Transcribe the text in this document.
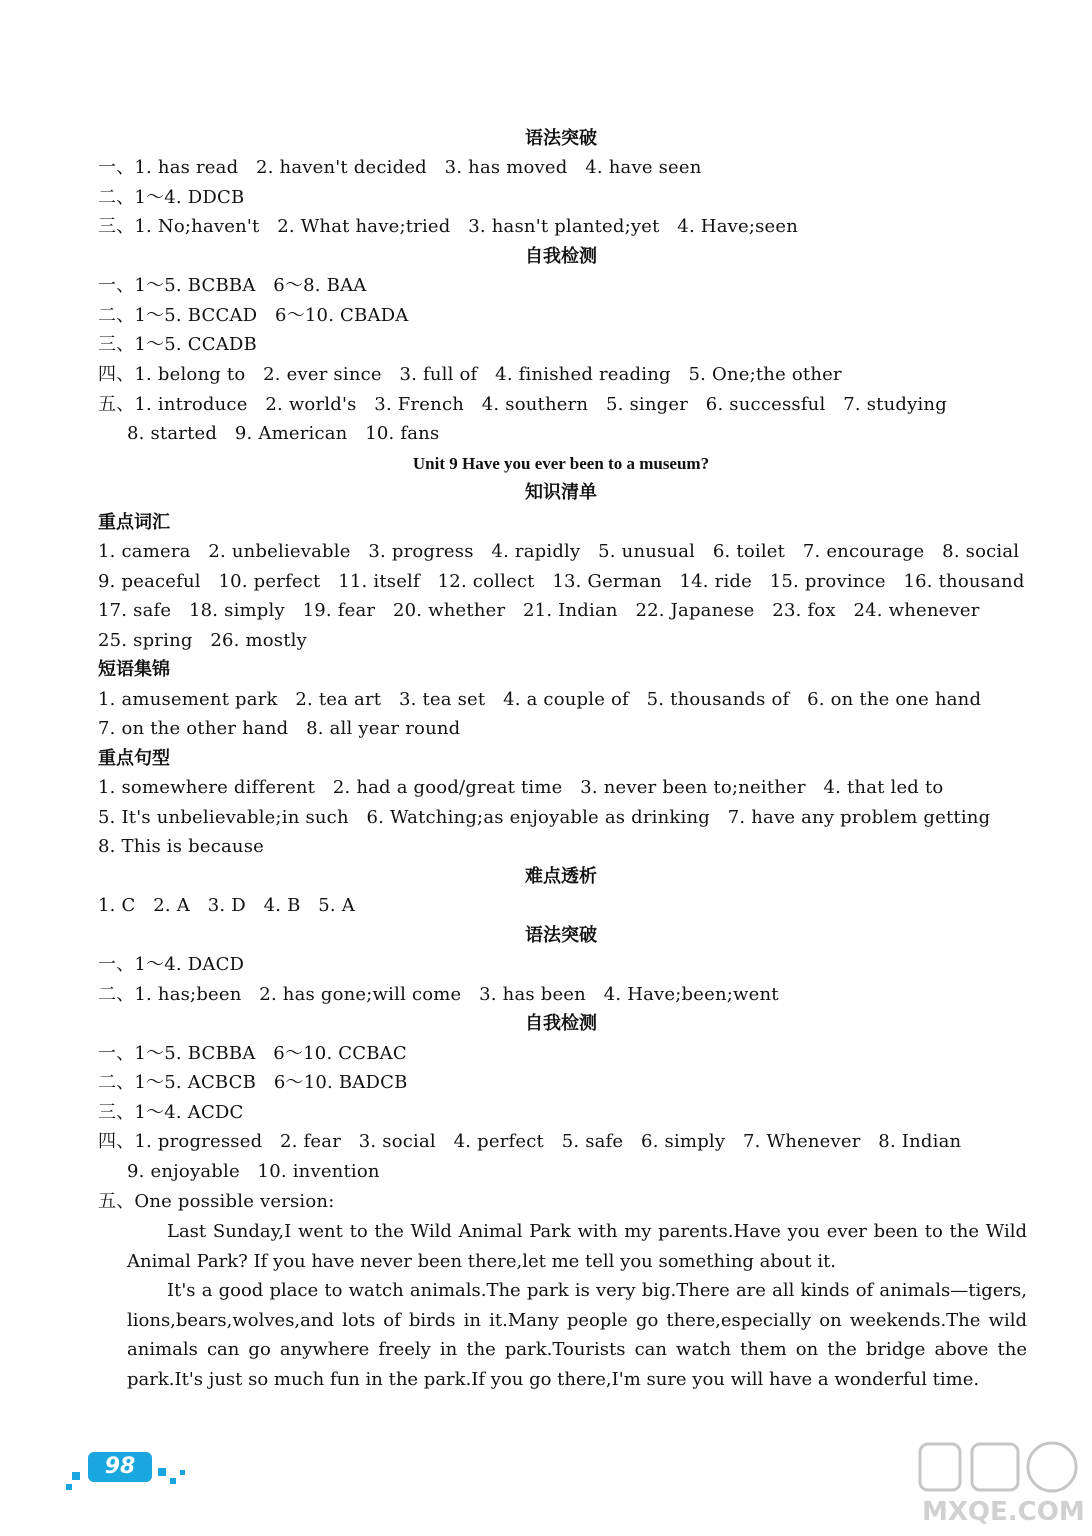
语法突破
一、1. has read   2. haven't decided   3. has moved   4. have seen
二、1～4. DDCB
三、1. No;haven't   2. What have;tried   3. hasn't planted;yet   4. Have;seen
自我检测
一、1～5. BCBBA   6～8. BAA
二、1～5. BCCAD   6～10. CBADA
三、1～5. CCADB
四、1. belong to   2. ever since   3. full of   4. finished reading   5. One;the other
五、1. introduce   2. world's   3. French   4. southern   5. singer   6. successful   7. studying
8. started   9. American   10. fans
Unit 9 Have you ever been to a museum?
知识清单
重点词汇
1. camera   2. unbelievable   3. progress   4. rapidly   5. unusual   6. toilet   7. encourage   8. social
9. peaceful   10. perfect   11. itself   12. collect   13. German   14. ride   15. province   16. thousand
17. safe   18. simply   19. fear   20. whether   21. Indian   22. Japanese   23. fox   24. whenever
25. spring   26. mostly
短语集锦
1. amusement park   2. tea art   3. tea set   4. a couple of   5. thousands of   6. on the one hand
7. on the other hand   8. all year round
重点句型
1. somewhere different   2. had a good/great time   3. never been to;neither   4. that led to
5. It's unbelievable;in such   6. Watching;as enjoyable as drinking   7. have any problem getting
8. This is because
难点透析
1. C   2. A   3. D   4. B   5. A
语法突破
一、1～4. DACD
二、1. has;been   2. has gone;will come   3. has been   4. Have;been;went
自我检测
一、1～5. BCBBA   6～10. CCBAC
二、1～5. ACBCB   6～10. BADCB
三、1～4. ACDC
四、1. progressed   2. fear   3. social   4. perfect   5. safe   6. simply   7. Whenever   8. Indian
9. enjoyable   10. invention
五、One possible version:
Last Sunday,I went to the Wild Animal Park with my parents.Have you ever been to the Wild Animal Park? If you have never been there,let me tell you something about it.
It's a good place to watch animals.The park is very big.There are all kinds of animals—tigers, lions,bears,wolves,and lots of birds in it.Many people go there,especially on weekends.The wild animals can go anywhere freely in the park.Tourists can watch them on the bridge above the park.It's just so much fun in the park.If you go there,I'm sure you will have a wonderful time.
98
MXQE.COM
